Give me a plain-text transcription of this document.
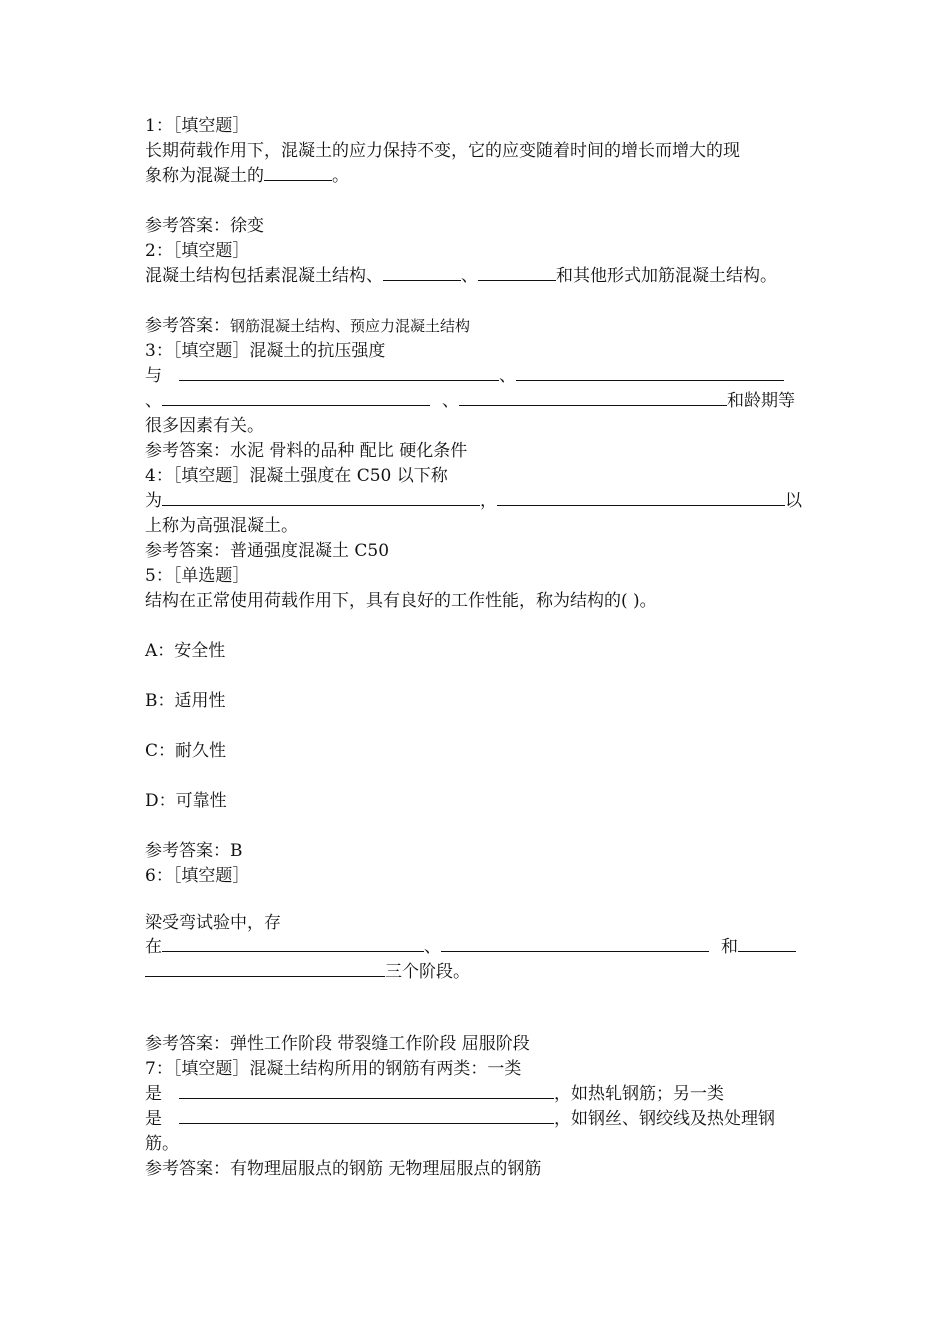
1：［填空题］
长期荷载作用下，混凝土的应力保持不变，它的应变随着时间的增长而增大的现
象称为混凝土的	。
参考答案：徐变
2：［填空题］
混凝土结构包括素混凝土结构、	、	和其他形式加筋混凝土结构。
参考答案：钢筋混凝土结构、预应力混凝土结构
3：［填空题］混凝土的抗压强度
与	、
、	、	和龄期等
很多因素有关。
参考答案：水泥 骨料的品种 配比 硬化条件
4：［填空题］混凝土强度在 C50 以下称
为	，	以
上称为高强混凝土。
参考答案：普通强度混凝土 C50
5：［单选题］
结构在正常使用荷载作用下，具有良好的工作性能，称为结构的( )。
A：安全性
B：适用性
C：耐久性
D：可靠性
参考答案：B
6：［填空题］
梁受弯试验中，存
在	、	和
三个阶段。
参考答案：弹性工作阶段 带裂缝工作阶段 屈服阶段
7：［填空题］混凝土结构所用的钢筋有两类：一类
是	，如热轧钢筋；另一类
是	，如钢丝、钢绞线及热处理钢
筋。
参考答案：有物理屈服点的钢筋 无物理屈服点的钢筋
